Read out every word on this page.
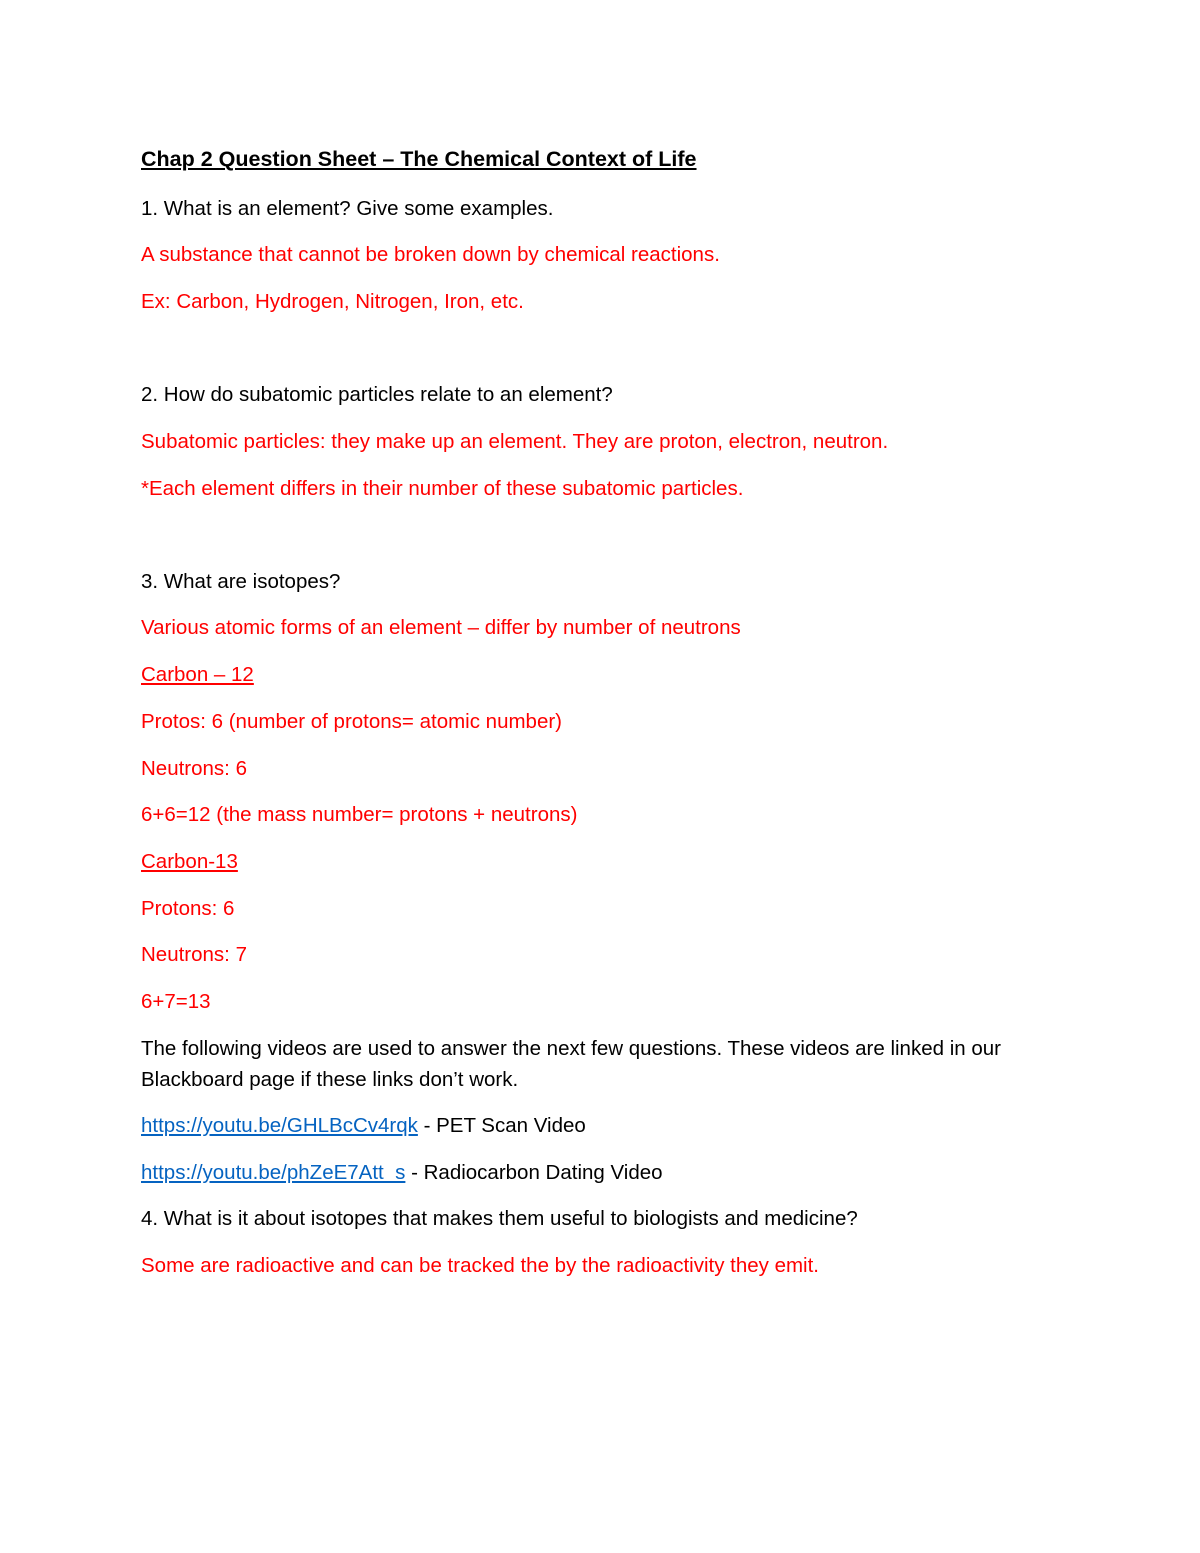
Chap 2 Question Sheet – The Chemical Context of Life
1. What is an element? Give some examples.
A substance that cannot be broken down by chemical reactions.
Ex: Carbon, Hydrogen, Nitrogen, Iron, etc.
2. How do subatomic particles relate to an element?
Subatomic particles: they make up an element. They are proton, electron, neutron.
*Each element differs in their number of these subatomic particles.
3. What are isotopes?
Various atomic forms of an element – differ by number of neutrons
Carbon – 12
Protos: 6 (number of protons= atomic number)
Neutrons: 6
6+6=12 (the mass number= protons + neutrons)
Carbon-13
Protons: 6
Neutrons: 7
6+7=13
The following videos are used to answer the next few questions. These videos are linked in our
Blackboard page if these links don’t work.
https://youtu.be/GHLBcCv4rqk - PET Scan Video
https://youtu.be/phZeE7Att_s - Radiocarbon Dating Video
4. What is it about isotopes that makes them useful to biologists and medicine?
Some are radioactive and can be tracked the by the radioactivity they emit.
